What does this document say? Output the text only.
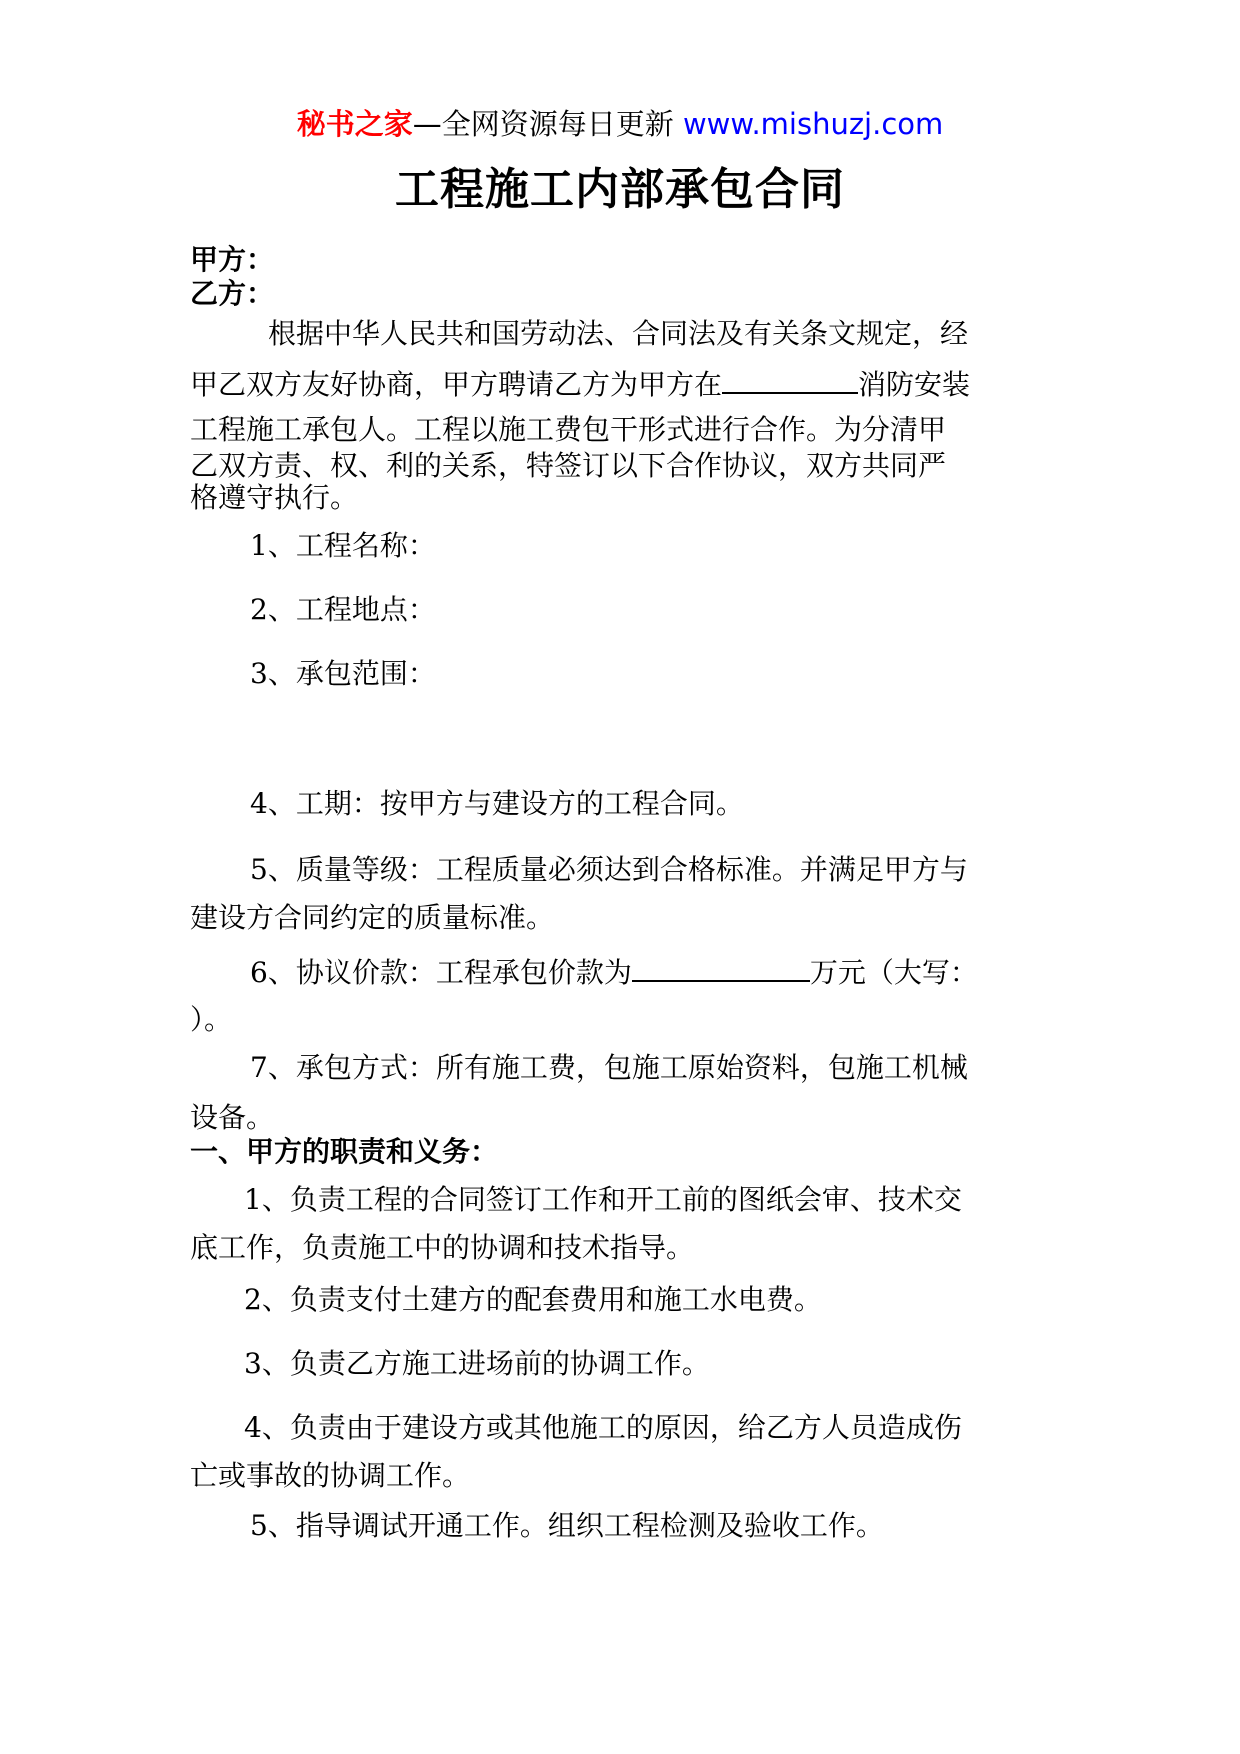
秘书之家—全网资源每日更新 www.mishuzj.com
工程施工内部承包合同
甲方：
乙方：
根据中华人民共和国劳动法、合同法及有关条文规定，经
甲乙双方友好协商，甲方聘请乙方为甲方在	消防安装
工程施工承包人。工程以施工费包干形式进行合作。为分清甲
乙双方责、权、利的关系，特签订以下合作协议，双方共同严
格遵守执行。
1、工程名称：
2、工程地点：
3、承包范围：
4、工期：按甲方与建设方的工程合同。
5、质量等级：工程质量必须达到合格标准。并满足甲方与
建设方合同约定的质量标准。
6、协议价款：工程承包价款为	万元（大写：
）。
7、承包方式：所有施工费，包施工原始资料，包施工机械
设备。
一、甲方的职责和义务：
1、负责工程的合同签订工作和开工前的图纸会审、技术交
底工作，负责施工中的协调和技术指导。
2、负责支付土建方的配套费用和施工水电费。
3、负责乙方施工进场前的协调工作。
4、负责由于建设方或其他施工的原因，给乙方人员造成伤
亡或事故的协调工作。
5、指导调试开通工作。组织工程检测及验收工作。
